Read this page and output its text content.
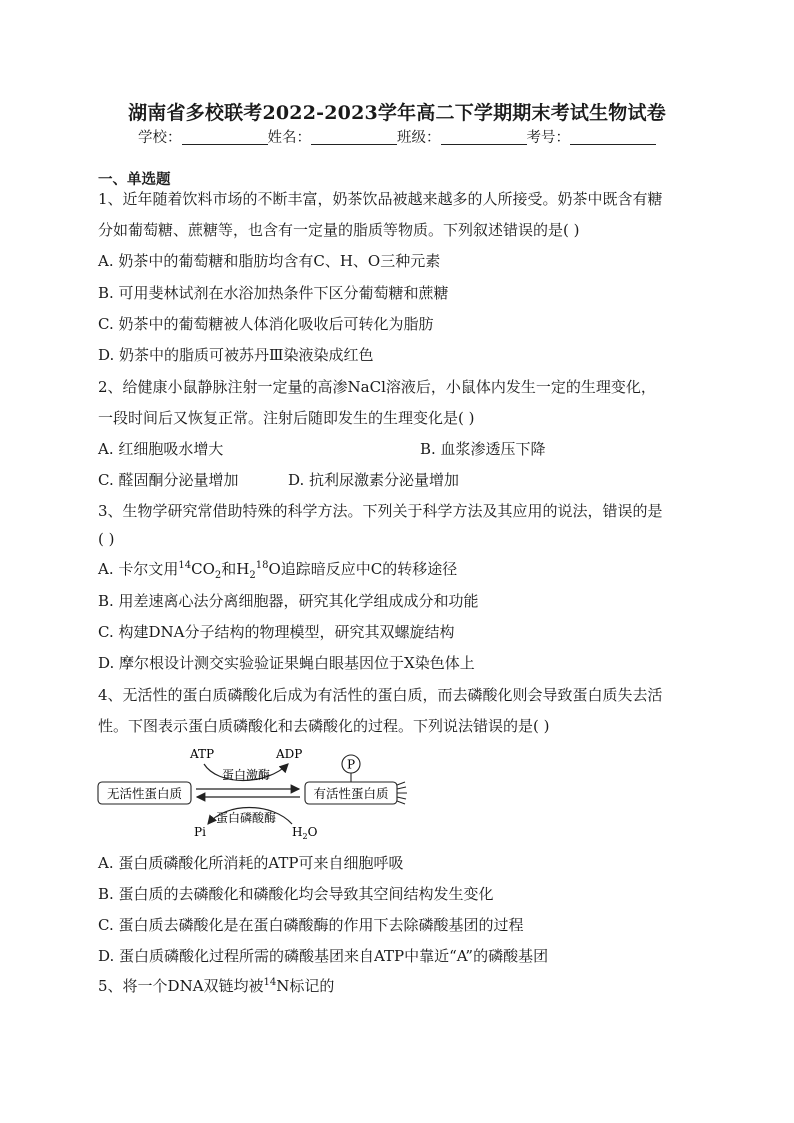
湖南省多校联考2022-2023学年高二下学期期末考试生物试卷
学校：	姓名：	班级：	考号：
一、单选题
1、近年随着饮料市场的不断丰富，奶茶饮品被越来越多的人所接受。奶茶中既含有糖
分如葡萄糖、蔗糖等，也含有一定量的脂质等物质。下列叙述错误的是( )
A. 奶茶中的葡萄糖和脂肪均含有C、H、O三种元素
B. 可用斐林试剂在水浴加热条件下区分葡萄糖和蔗糖
C. 奶茶中的葡萄糖被人体消化吸收后可转化为脂肪
D. 奶茶中的脂质可被苏丹Ⅲ染液染成红色
2、给健康小鼠静脉注射一定量的高渗NaCl溶液后，小鼠体内发生一定的生理变化，
一段时间后又恢复正常。注射后随即发生的生理变化是( )
A. 红细胞吸水增大	B. 血浆渗透压下降
C. 醛固酮分泌量增加	D. 抗利尿激素分泌量增加
3、生物学研究常借助特殊的科学方法。下列关于科学方法及其应用的说法，错误的是
( )
A. 卡尔文用$^{14}CO_2$和$H_2^{18}O$追踪暗反应中C的转移途径
B. 用差速离心法分离细胞器，研究其化学组成成分和功能
C. 构建DNA分子结构的物理模型，研究其双螺旋结构
D. 摩尔根设计测交实验验证果蝇白眼基因位于X染色体上
4、无活性的蛋白质磷酸化后成为有活性的蛋白质，而去磷酸化则会导致蛋白质失去活
性。下图表示蛋白质磷酸化和去磷酸化的过程。下列说法错误的是( )
ATP	ADP
蛋白激酶
P
无活性蛋白质	有活性蛋白质
蛋白磷酸酶
Pi	$H_2O$
A. 蛋白质磷酸化所消耗的ATP可来自细胞呼吸
B. 蛋白质的去磷酸化和磷酸化均会导致其空间结构发生变化
C. 蛋白质去磷酸化是在蛋白磷酸酶的作用下去除磷酸基团的过程
D. 蛋白质磷酸化过程所需的磷酸基团来自ATP中靠近“A”的磷酸基团
5、将一个DNA双链均被$^{14}$N标记的
